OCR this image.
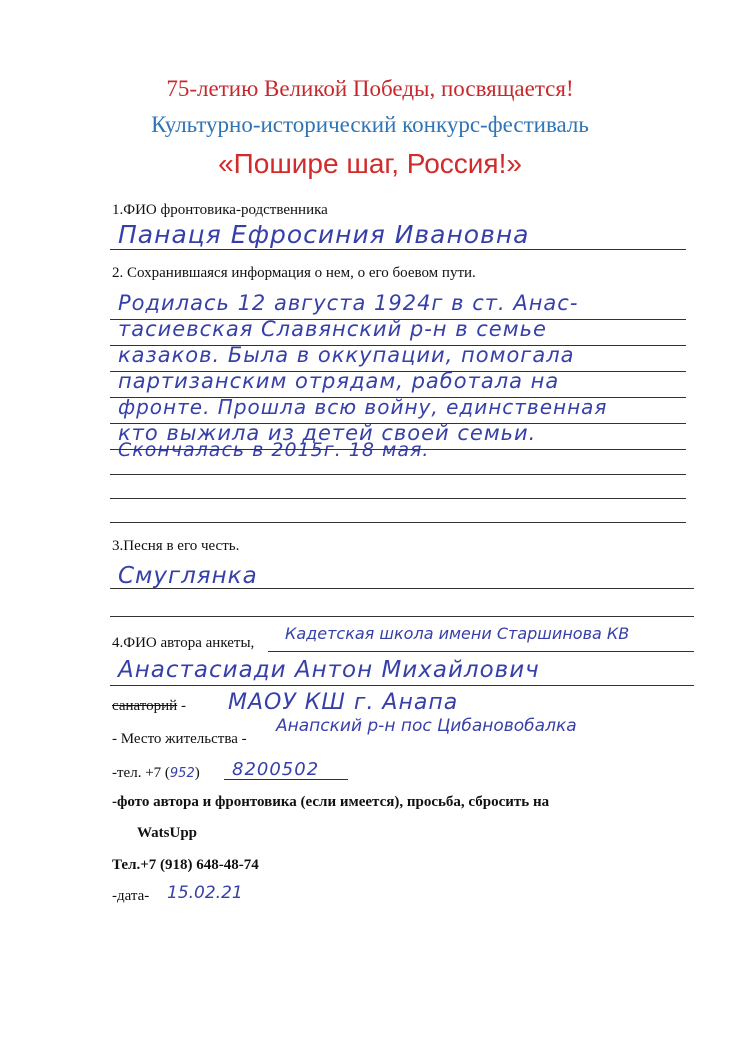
75-летию Великой Победы, посвящается!
Культурно-исторический конкурс-фестиваль
«Пошире шаг, Россия!»
1.ФИО фронтовика-родственника
Панаця Ефросиния Ивановна
2. Сохранившаяся информация о нем, о его боевом пути.
Родилась 12 августа 1924г в ст. Анас-
тасиевская Славянский р-н в семье
казаков. Была в оккупации, помогала
партизанским отрядам, работала на
фронте. Прошла всю войну, единственная
кто выжила из детей своей семьи.
Скончалась в 2015г. 18 мая.
3.Песня в его честь.
Смуглянка
4.ФИО автора анкеты, Кадетская школа имени Старшинова КВ
Анастасиади Антон Михайлович
санаторий - МАОУ КШ г. Анапа
- Место жительства -
Анапский р-н пос Цибановобалка
-тел. +7 (952) 8200502
-фото автора и фронтовика (если имеется), просьба, сбросить на
WatsUpp
Тел.+7 (918) 648-48-74
-дата- 15.02.21
